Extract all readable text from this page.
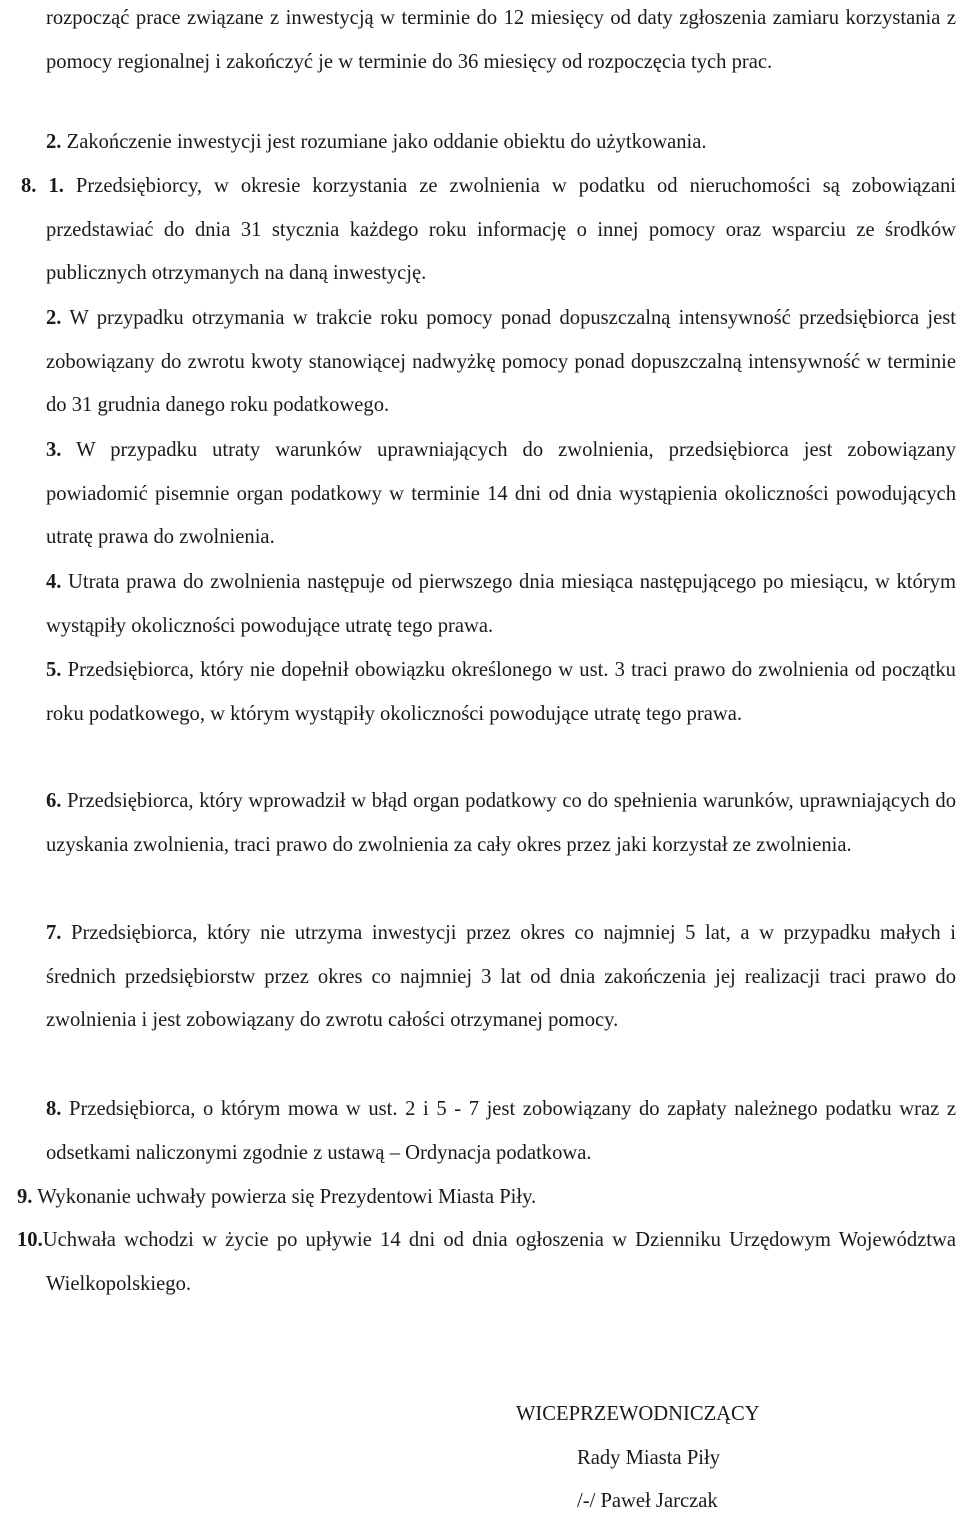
rozpocząć prace związane z inwestycją w terminie do 12 miesięcy od daty zgłoszenia zamiaru korzystania z pomocy regionalnej i zakończyć je w terminie do 36 miesięcy od rozpoczęcia tych prac.

2. Zakończenie inwestycji jest rozumiane jako oddanie obiektu do użytkowania.

8. 1. Przedsiębiorcy, w okresie korzystania ze zwolnienia w podatku od nieruchomości są zobowiązani przedstawiać do dnia 31 stycznia każdego roku informację o innej pomocy oraz wsparciu ze środków publicznych otrzymanych na daną inwestycję.

2. W przypadku otrzymania w trakcie roku pomocy ponad dopuszczalną intensywność przedsiębiorca jest zobowiązany do zwrotu kwoty stanowiącej nadwyżkę pomocy ponad dopuszczalną intensywność w terminie do 31 grudnia danego roku podatkowego.

3. W przypadku utraty warunków uprawniających do zwolnienia, przedsiębiorca jest zobowiązany powiadomić pisemnie organ podatkowy w terminie 14 dni od dnia wystąpienia okoliczności powodujących utratę prawa do zwolnienia.

4. Utrata prawa do zwolnienia następuje od pierwszego dnia miesiąca następującego po miesiącu, w którym wystąpiły okoliczności powodujące utratę tego prawa.

5. Przedsiębiorca, który nie dopełnił obowiązku określonego w ust. 3 traci prawo do zwolnienia od początku roku podatkowego, w którym wystąpiły okoliczności powodujące utratę tego prawa.

6. Przedsiębiorca, który wprowadził w błąd organ podatkowy co do spełnienia warunków, uprawniających do uzyskania zwolnienia, traci prawo do zwolnienia za cały okres przez jaki korzystał ze zwolnienia.

7. Przedsiębiorca, który nie utrzyma inwestycji przez okres co najmniej 5 lat, a w przypadku małych i średnich przedsiębiorstw przez okres co najmniej 3 lat od dnia zakończenia jej realizacji traci prawo do zwolnienia i jest zobowiązany do zwrotu całości otrzymanej pomocy.

8. Przedsiębiorca, o którym mowa w ust. 2 i 5 - 7 jest zobowiązany do zapłaty należnego podatku wraz z odsetkami naliczonymi zgodnie z ustawą – Ordynacja podatkowa.

9. Wykonanie uchwały powierza się Prezydentowi Miasta Piły.

10.Uchwała wchodzi w życie po upływie 14 dni od dnia ogłoszenia w Dzienniku Urzędowym Województwa Wielkopolskiego.

WICEPRZEWODNICZĄCY

Rady Miasta Piły

/-/ Paweł Jarczak
